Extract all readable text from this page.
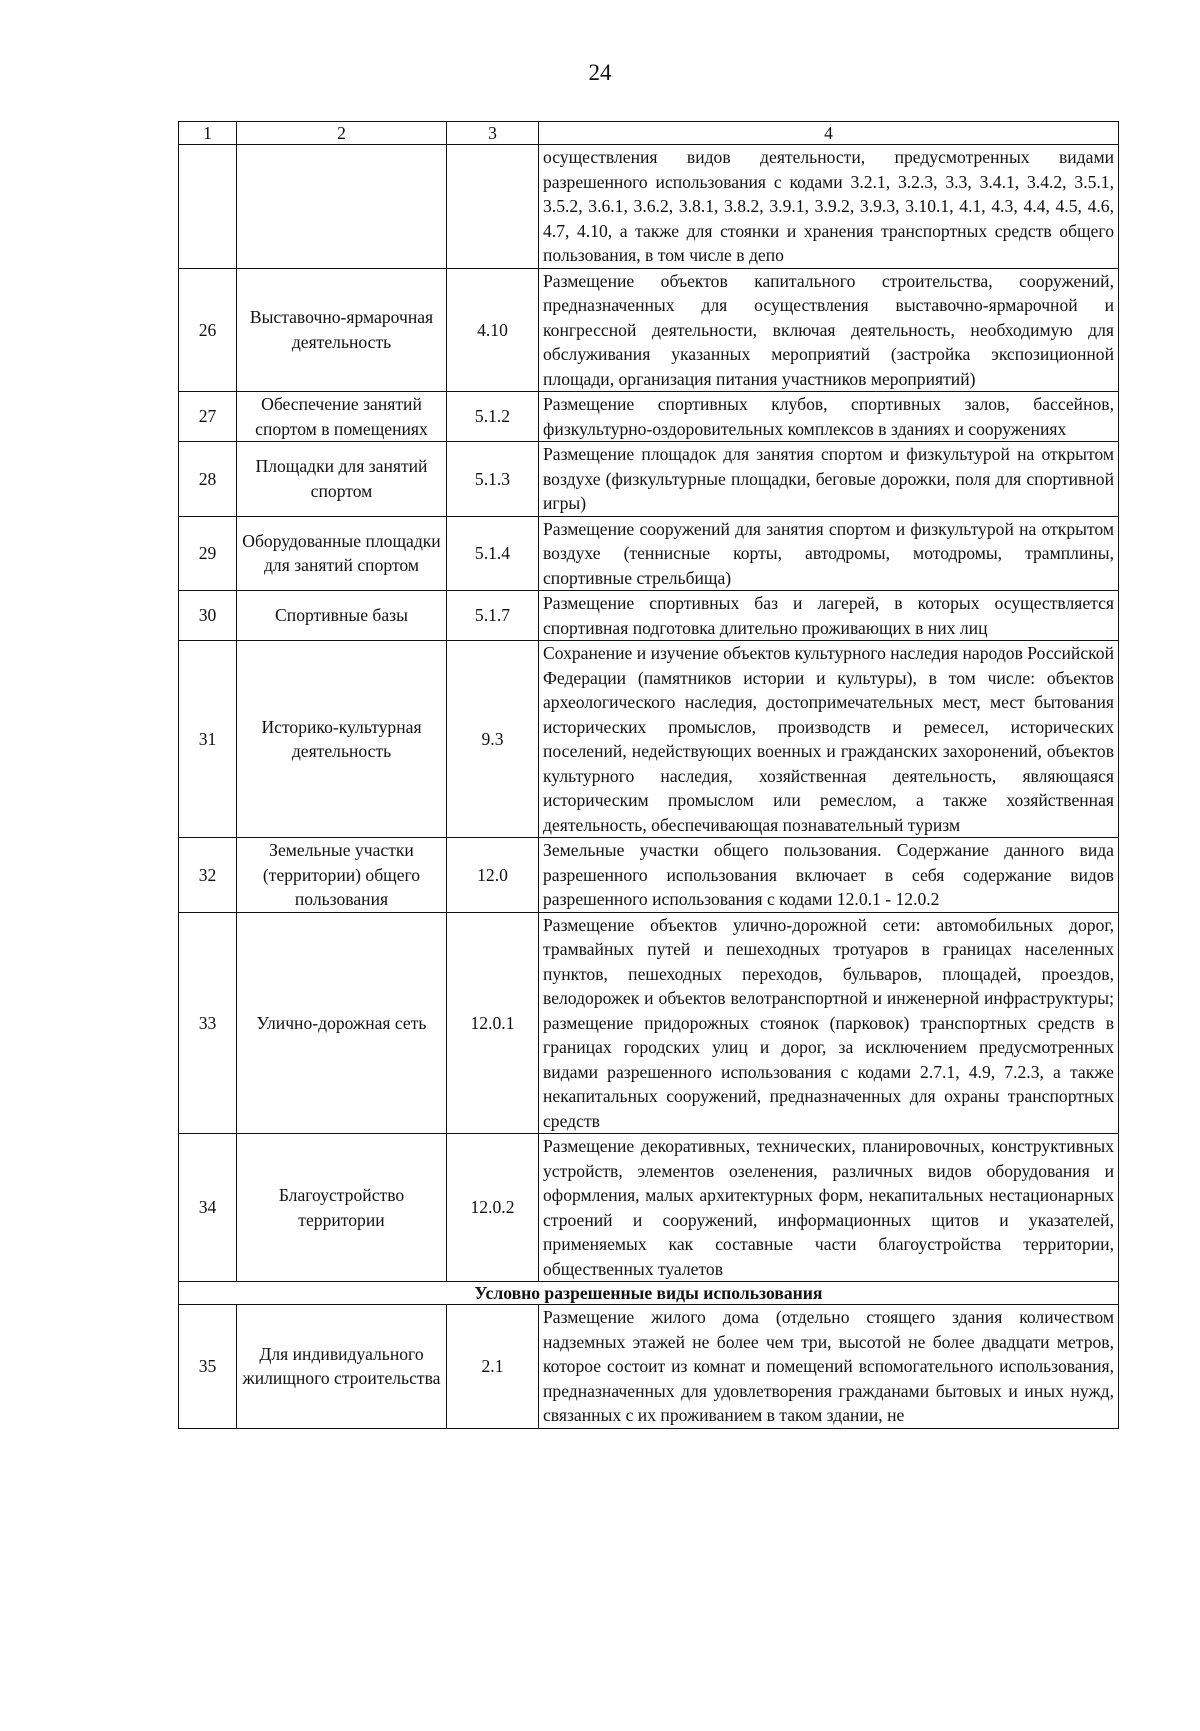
24
1	2	3	4
			осуществления видов деятельности, предусмотренных видами разрешенного использования с кодами 3.2.1, 3.2.3, 3.3, 3.4.1, 3.4.2, 3.5.1, 3.5.2, 3.6.1, 3.6.2, 3.8.1, 3.8.2, 3.9.1, 3.9.2, 3.9.3, 3.10.1, 4.1, 4.3, 4.4, 4.5, 4.6, 4.7, 4.10, а также для стоянки и хранения транспортных средств общего пользования, в том числе в депо
26	Выставочно-ярмарочная деятельность	4.10	Размещение объектов капитального строительства, сооружений, предназначенных для осуществления выставочно-ярмарочной и конгрессной деятельности, включая деятельность, необходимую для обслуживания указанных мероприятий (застройка экспозиционной площади, организация питания участников мероприятий)
27	Обеспечение занятий спортом в помещениях	5.1.2	Размещение спортивных клубов, спортивных залов, бассейнов, физкультурно-оздоровительных комплексов в зданиях и сооружениях
28	Площадки для занятий спортом	5.1.3	Размещение площадок для занятия спортом и физкультурой на открытом воздухе (физкультурные площадки, беговые дорожки, поля для спортивной игры)
29	Оборудованные площадки для занятий спортом	5.1.4	Размещение сооружений для занятия спортом и физкультурой на открытом воздухе (теннисные корты, автодромы, мотодромы, трамплины, спортивные стрельбища)
30	Спортивные базы	5.1.7	Размещение спортивных баз и лагерей, в которых осуществляется спортивная подготовка длительно проживающих в них лиц
31	Историко-культурная деятельность	9.3	Сохранение и изучение объектов культурного наследия народов Российской Федерации (памятников истории и культуры), в том числе: объектов археологического наследия, достопримечательных мест, мест бытования исторических промыслов, производств и ремесел, исторических поселений, недействующих военных и гражданских захоронений, объектов культурного наследия, хозяйственная деятельность, являющаяся историческим промыслом или ремеслом, а также хозяйственная деятельность, обеспечивающая познавательный туризм
32	Земельные участки (территории) общего пользования	12.0	Земельные участки общего пользования. Содержание данного вида разрешенного использования включает в себя содержание видов разрешенного использования с кодами 12.0.1 - 12.0.2
33	Улично-дорожная сеть	12.0.1	Размещение объектов улично-дорожной сети: автомобильных дорог, трамвайных путей и пешеходных тротуаров в границах населенных пунктов, пешеходных переходов, бульваров, площадей, проездов, велодорожек и объектов велотранспортной и инженерной инфраструктуры; размещение придорожных стоянок (парковок) транспортных средств в границах городских улиц и дорог, за исключением предусмотренных видами разрешенного использования с кодами 2.7.1, 4.9, 7.2.3, а также некапитальных сооружений, предназначенных для охраны транспортных средств
34	Благоустройство территории	12.0.2	Размещение декоративных, технических, планировочных, конструктивных устройств, элементов озеленения, различных видов оборудования и оформления, малых архитектурных форм, некапитальных нестационарных строений и сооружений, информационных щитов и указателей, применяемых как составные части благоустройства территории, общественных туалетов
Условно разрешенные виды использования			
35	Для индивидуального жилищного строительства	2.1	Размещение жилого дома (отдельно стоящего здания количеством надземных этажей не более чем три, высотой не более двадцати метров, которое состоит из комнат и помещений вспомогательного использования, предназначенных для удовлетворения гражданами бытовых и иных нужд, связанных с их проживанием в таком здании, не
